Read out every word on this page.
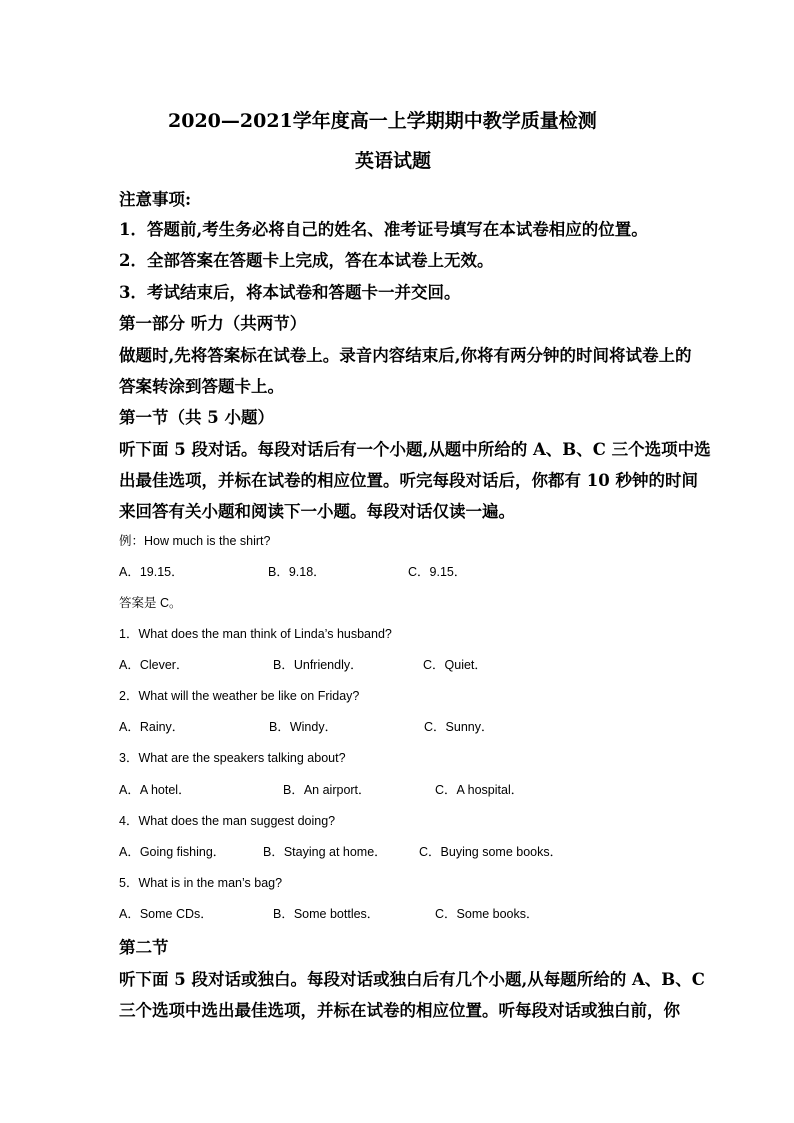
2020—2021学年度高一上学期期中教学质量检测
英语试题
注意事项:
1．答题前,考生务必将自己的姓名、准考证号填写在本试卷相应的位置。
2．全部答案在答题卡上完成，答在本试卷上无效。
3．考试结束后，将本试卷和答题卡一并交回。
第一部分 听力（共两节）
做题时,先将答案标在试卷上。录音内容结束后,你将有两分钟的时间将试卷上的
答案转涂到答题卡上。
第一节（共 5 小题）
听下面 5 段对话。每段对话后有一个小题,从题中所给的 A、B、C 三个选项中选
出最佳选项，并标在试卷的相应位置。听完每段对话后，你都有 10 秒钟的时间
来回答有关小题和阅读下一小题。每段对话仅读一遍。
例：How much is the shirt?
A．19.15．	B．9.18．	C．9.15．
答案是 C。
1．What does the man think of Linda’s husband?
A．Clever．	B．Unfriendly．	C．Quiet．
2．What will the weather be like on Friday?
A．Rainy．	B．Windy．	C．Sunny．
3．What are the speakers talking about?
A．A hotel．	B．An airport．	C．A hospital．
4．What does the man suggest doing?
A．Going fishing．	B．Staying at home．	C．Buying some books．
5．What is in the man’s bag?
A．Some CDs．	B．Some bottles．	C．Some books．
第二节
听下面 5 段对话或独白。每段对话或独白后有几个小题,从每题所给的 A、B、C
三个选项中选出最佳选项，并标在试卷的相应位置。听每段对话或独白前，你
